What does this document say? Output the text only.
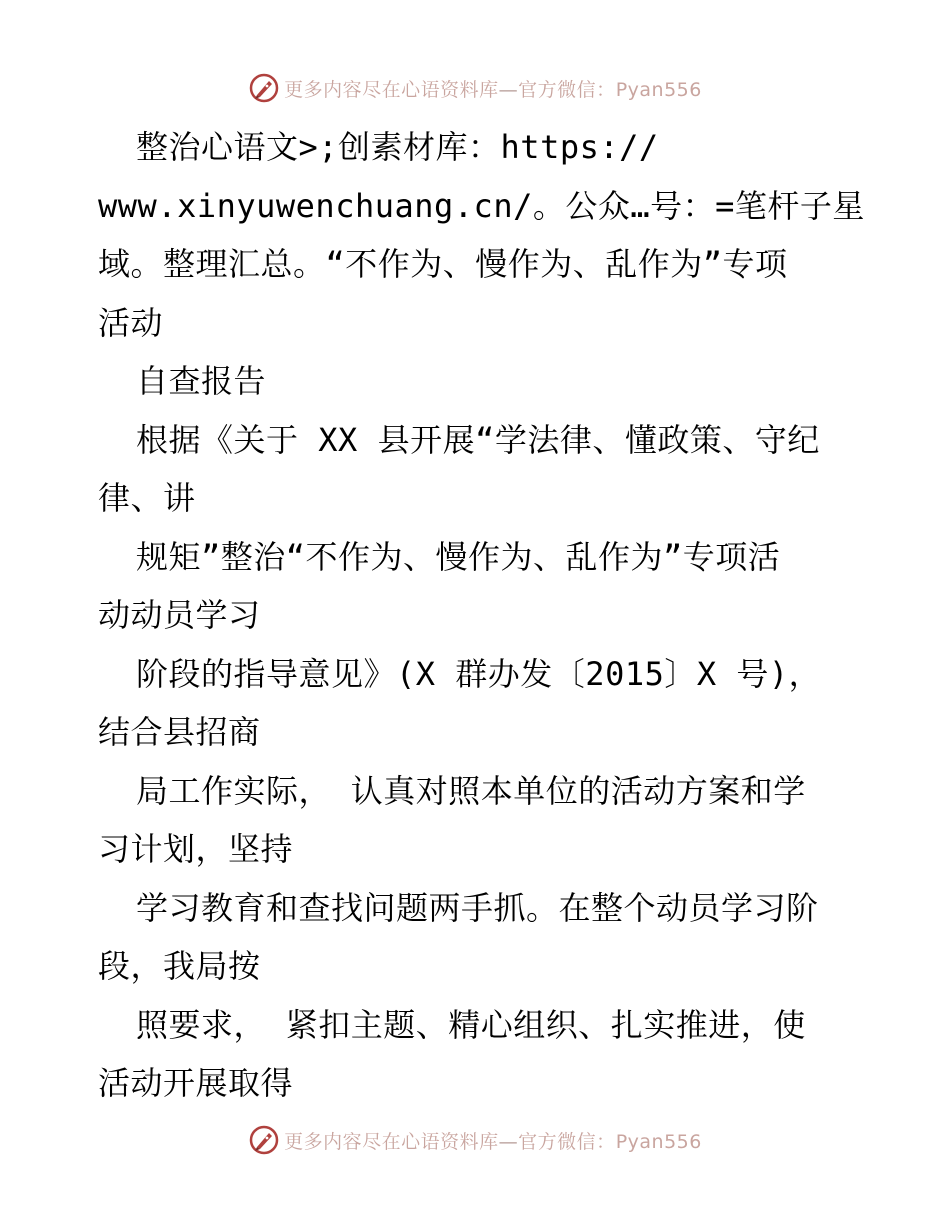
更多内容尽在心语资料库—官方微信：Pyan556
整治心语文>;创素材库：https://
www.xinyuwenchuang.cn/。公众…号：=笔杆子星
域。整理汇总。“不作为、慢作为、乱作为”专项
活动
自查报告
根据《关于 XX 县开展“学法律、懂政策、守纪
律、讲
规矩”整治“不作为、慢作为、乱作为”专项活
动动员学习
阶段的指导意见》(X 群办发〔2015〕X 号)，
结合县招商
局工作实际， 认真对照本单位的活动方案和学
习计划，坚持
学习教育和查找问题两手抓。在整个动员学习阶
段，我局按
照要求， 紧扣主题、精心组织、扎实推进，使
活动开展取得
更多内容尽在心语资料库—官方微信：Pyan556
